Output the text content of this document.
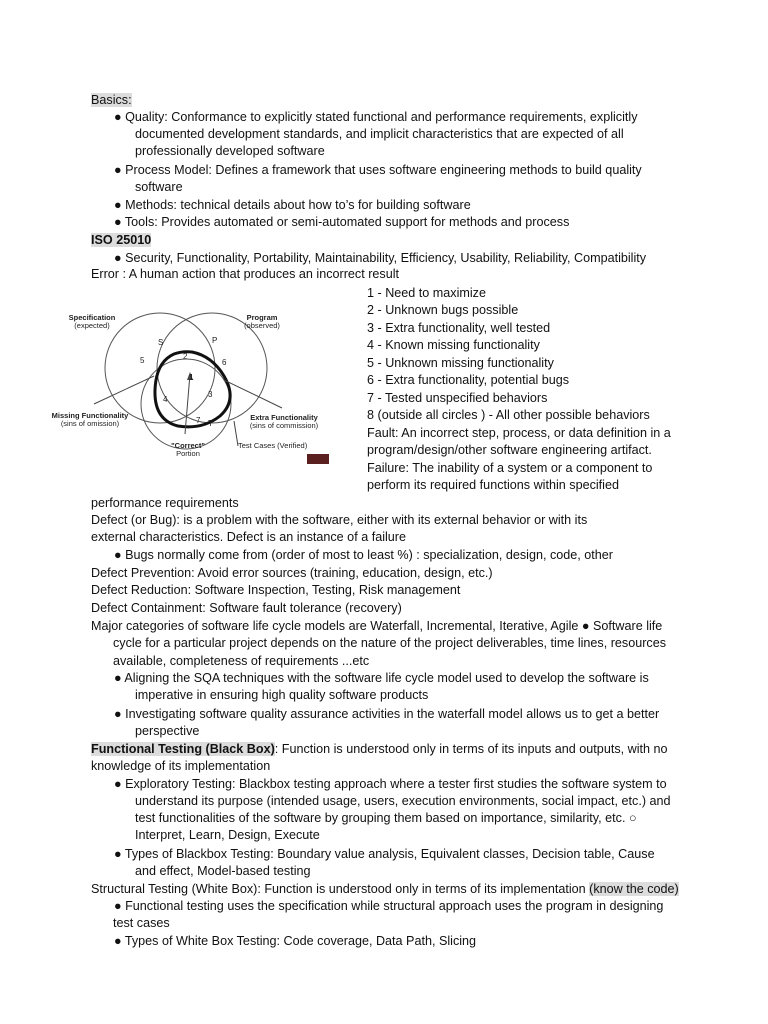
Basics:
● Quality: Conformance to explicitly stated functional and performance requirements, explicitly
documented development standards, and implicit characteristics that are expected of all
professionally developed software
● Process Model: Defines a framework that uses software engineering methods to build quality
software
● Methods: technical details about how to’s for building software
● Tools: Provides automated or semi-automated support for methods and process
ISO 25010
● Security, Functionality, Portability, Maintainability, Efficiency, Usability, Reliability, Compatibility
Error : A human action that produces an incorrect result
Specification
(expected)
Program
(observed)
Missing Functionality
(sins of omission)
Extra Functionality
(sins of commission)
"Correct"
Portion
Test Cases (Verified)
1
2
3
4
5	6
7
S	P
T
1 - Need to maximize
2 - Unknown bugs possible
3 - Extra functionality, well tested
4 - Known missing functionality
5 - Unknown missing functionality
6 - Extra functionality, potential bugs
7 - Tested unspecified behaviors
8 (outside all circles ) - All other possible behaviors
Fault: An incorrect step, process, or data definition in a
program/design/other software engineering artifact.
Failure: The inability of a system or a component to
perform its required functions within specified
performance requirements
Defect (or Bug): is a problem with the software, either with its external behavior or with its
external characteristics. Defect is an instance of a failure
● Bugs normally come from (order of most to least %) : specialization, design, code, other
Defect Prevention: Avoid error sources (training, education, design, etc.)
Defect Reduction: Software Inspection, Testing, Risk management
Defect Containment: Software fault tolerance (recovery)
Major categories of software life cycle models are Waterfall, Incremental, Iterative, Agile ● Software life
cycle for a particular project depends on the nature of the project deliverables, time lines, resources
available, completeness of requirements ...etc
● Aligning the SQA techniques with the software life cycle model used to develop the software is
imperative in ensuring high quality software products
● Investigating software quality assurance activities in the waterfall model allows us to get a better
perspective
Functional Testing (Black Box): Function is understood only in terms of its inputs and outputs, with no
knowledge of its implementation
● Exploratory Testing: Blackbox testing approach where a tester first studies the software system to
understand its purpose (intended usage, users, execution environments, social impact, etc.) and
test functionalities of the software by grouping them based on importance, similarity, etc. ○
Interpret, Learn, Design, Execute
● Types of Blackbox Testing: Boundary value analysis, Equivalent classes, Decision table, Cause
and effect, Model-based testing
Structural Testing (White Box): Function is understood only in terms of its implementation (know the code)
● Functional testing uses the specification while structural approach uses the program in designing
test cases
● Types of White Box Testing: Code coverage, Data Path, Slicing
